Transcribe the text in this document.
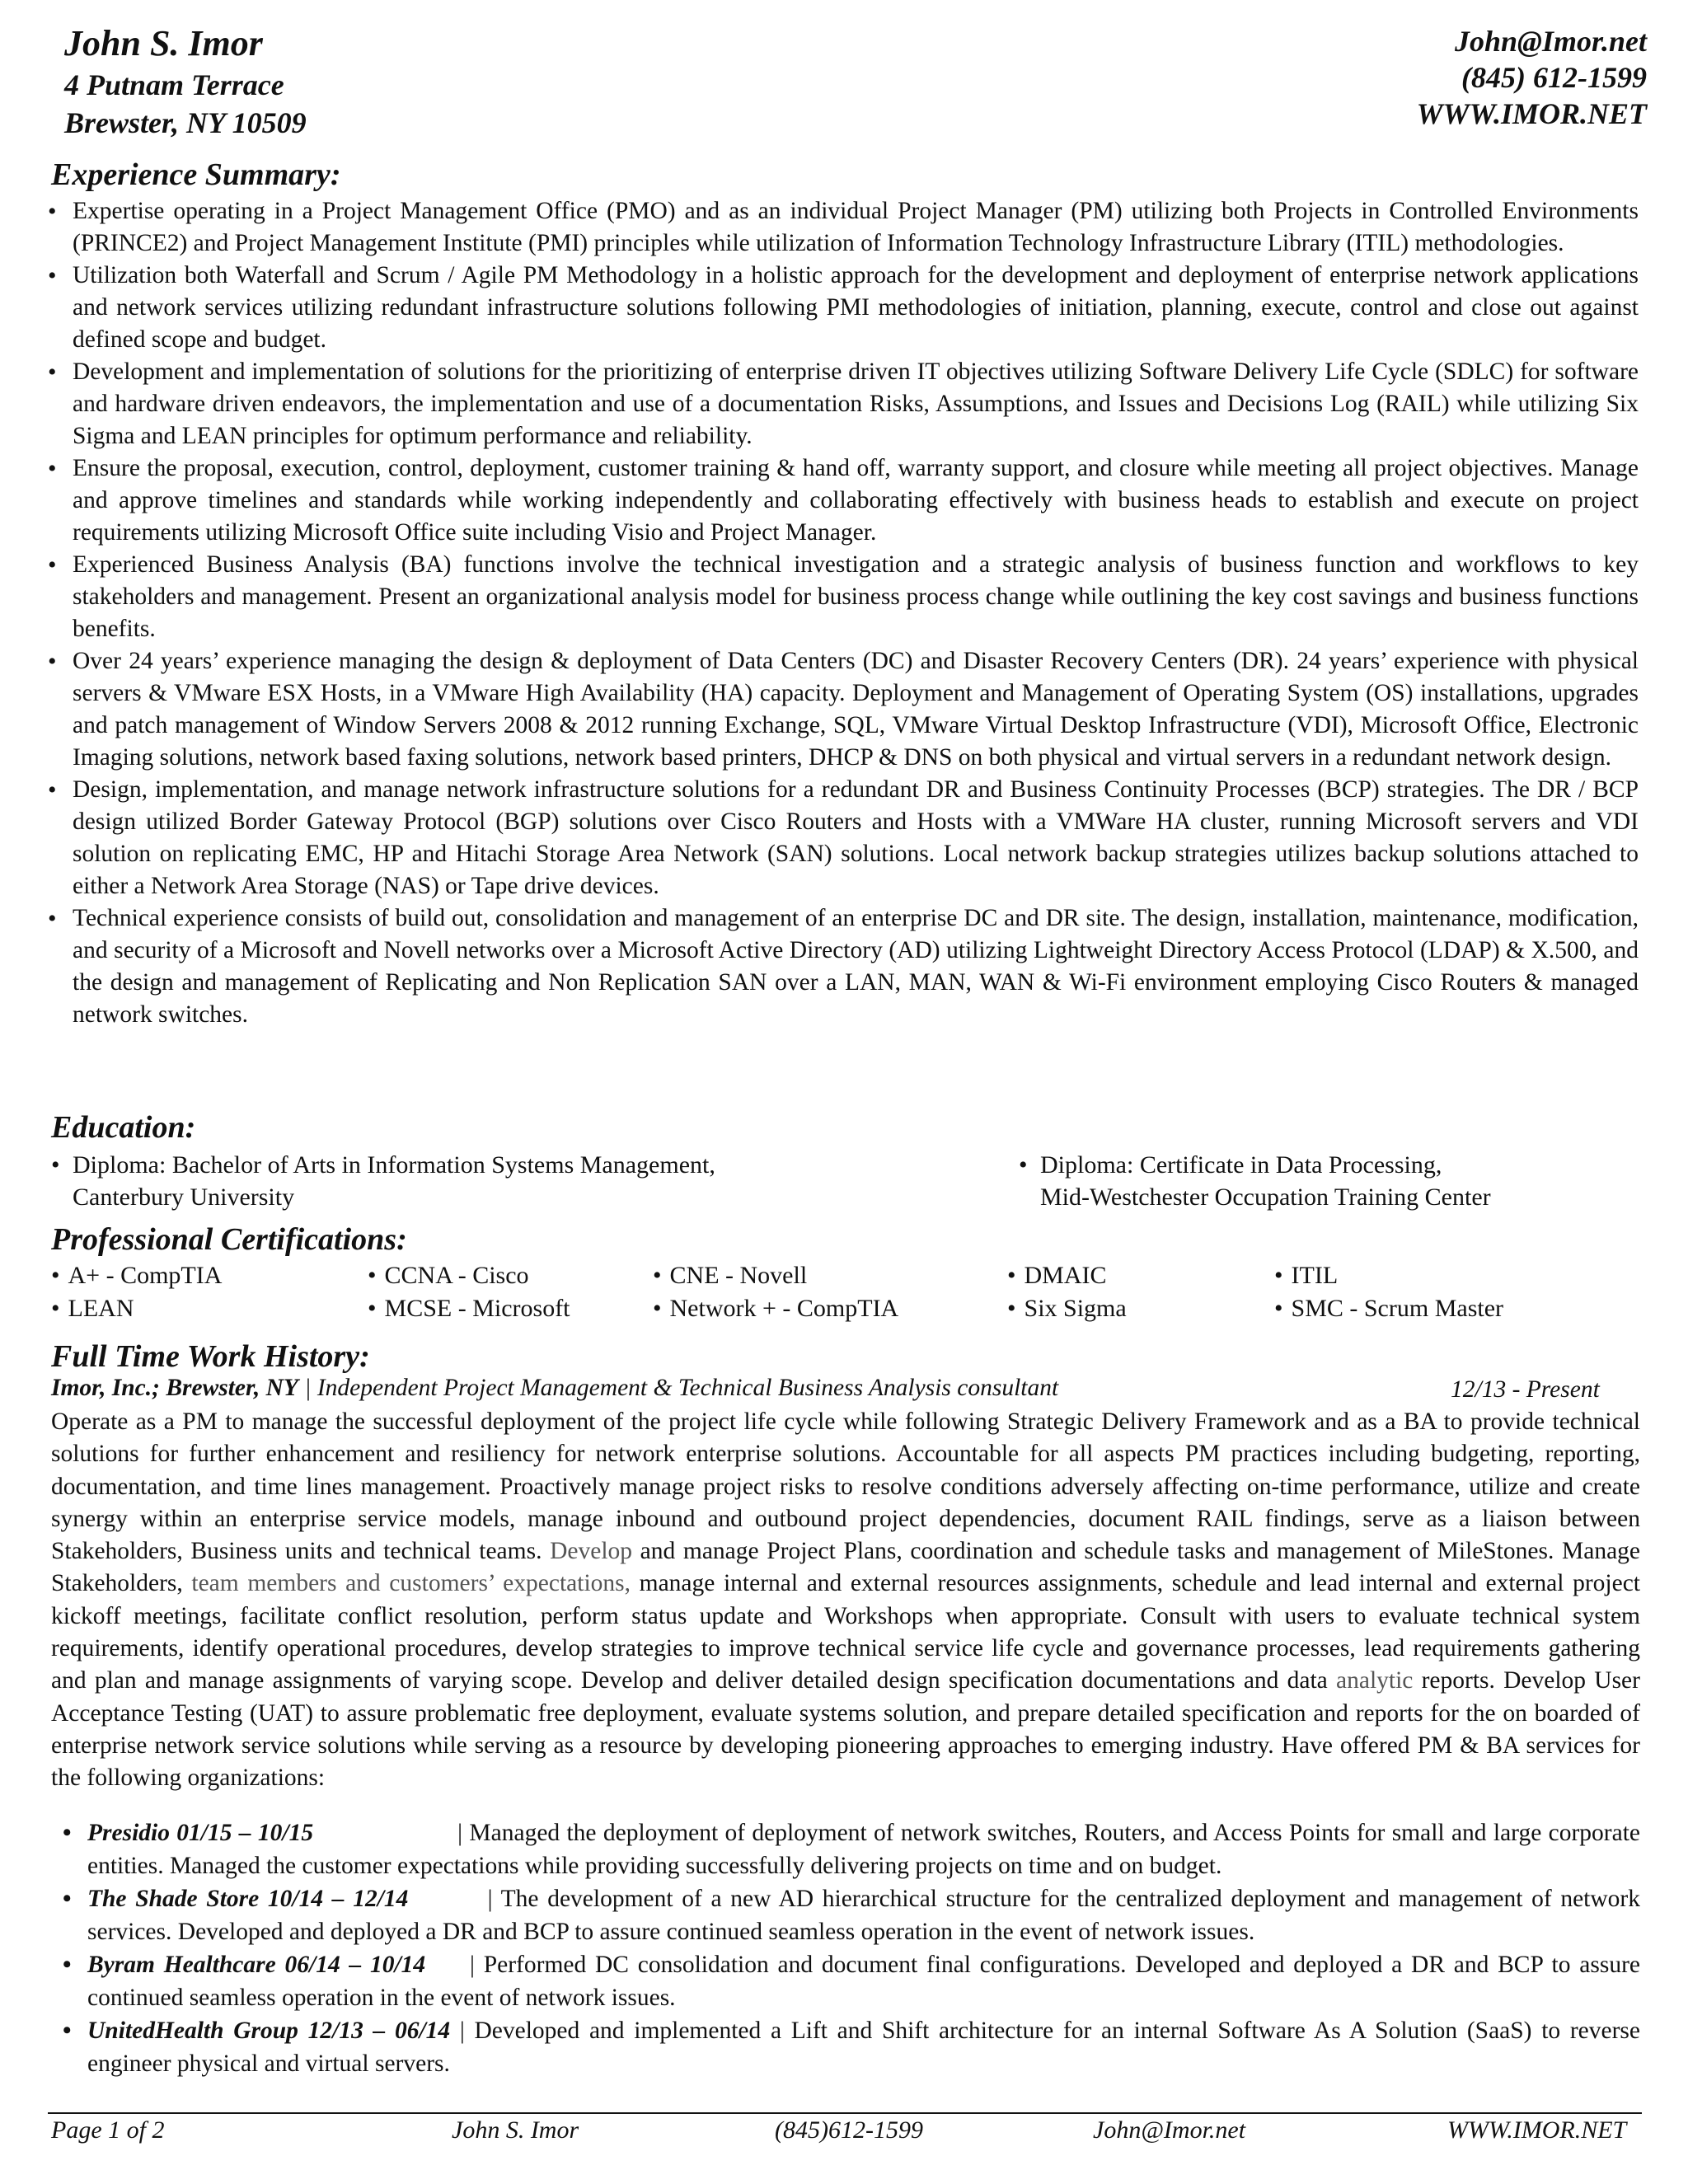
John S. Imor
4 Putnam Terrace
Brewster, NY 10509
John@Imor.net
(845) 612-1599
WWW.IMOR.NET
Experience Summary:
• Expertise operating in a Project Management Office (PMO) and as an individual Project Manager (PM) utilizing both Projects in Controlled Environments (PRINCE2) and Project Management Institute (PMI) principles while utilization of Information Technology Infrastructure Library (ITIL) methodologies.
• Utilization both Waterfall and Scrum / Agile PM Methodology in a holistic approach for the development and deployment of enterprise network applications and network services utilizing redundant infrastructure solutions following PMI methodologies of initiation, planning, execute, control and close out against defined scope and budget.
• Development and implementation of solutions for the prioritizing of enterprise driven IT objectives utilizing Software Delivery Life Cycle (SDLC) for software and hardware driven endeavors, the implementation and use of a documentation Risks, Assumptions, and Issues and Decisions Log (RAIL) while utilizing Six Sigma and LEAN principles for optimum performance and reliability.
• Ensure the proposal, execution, control, deployment, customer training & hand off, warranty support, and closure while meeting all project objectives. Manage and approve timelines and standards while working independently and collaborating effectively with business heads to establish and execute on project requirements utilizing Microsoft Office suite including Visio and Project Manager.
• Experienced Business Analysis (BA) functions involve the technical investigation and a strategic analysis of business function and workflows to key stakeholders and management. Present an organizational analysis model for business process change while outlining the key cost savings and business functions benefits.
• Over 24 years’ experience managing the design & deployment of Data Centers (DC) and Disaster Recovery Centers (DR). 24 years’ experience with physical servers & VMware ESX Hosts, in a VMware High Availability (HA) capacity. Deployment and Management of Operating System (OS) installations, upgrades and patch management of Window Servers 2008 & 2012 running Exchange, SQL, VMware Virtual Desktop Infrastructure (VDI), Microsoft Office, Electronic Imaging solutions, network based faxing solutions, network based printers, DHCP & DNS on both physical and virtual servers in a redundant network design.
• Design, implementation, and manage network infrastructure solutions for a redundant DR and Business Continuity Processes (BCP) strategies. The DR / BCP design utilized Border Gateway Protocol (BGP) solutions over Cisco Routers and Hosts with a VMWare HA cluster, running Microsoft servers and VDI solution on replicating EMC, HP and Hitachi Storage Area Network (SAN) solutions. Local network backup strategies utilizes backup solutions attached to either a Network Area Storage (NAS) or Tape drive devices.
• Technical experience consists of build out, consolidation and management of an enterprise DC and DR site. The design, installation, maintenance, modification, and security of a Microsoft and Novell networks over a Microsoft Active Directory (AD) utilizing Lightweight Directory Access Protocol (LDAP) & X.500, and the design and management of Replicating and Non Replication SAN over a LAN, MAN, WAN & Wi-Fi environment employing Cisco Routers & managed network switches.
Education:
• Diploma: Bachelor of Arts in Information Systems Management,
Canterbury University
• Diploma: Certificate in Data Processing,
Mid-Westchester Occupation Training Center
Professional Certifications:
• A+ - CompTIA	• CCNA - Cisco	• CNE - Novell	• DMAIC	• ITIL
• LEAN	• MCSE - Microsoft	• Network + - CompTIA	• Six Sigma	• SMC - Scrum Master
Full Time Work History:
Imor, Inc.; Brewster, NY | Independent Project Management & Technical Business Analysis consultant	12/13 - Present
Operate as a PM to manage the successful deployment of the project life cycle while following Strategic Delivery Framework and as a BA to provide technical solutions for further enhancement and resiliency for network enterprise solutions. Accountable for all aspects PM practices including budgeting, reporting, documentation, and time lines management. Proactively manage project risks to resolve conditions adversely affecting on-time performance, utilize and create synergy within an enterprise service models, manage inbound and outbound project dependencies, document RAIL findings, serve as a liaison between Stakeholders, Business units and technical teams. Develop and manage Project Plans, coordination and schedule tasks and management of MileStones. Manage Stakeholders, team members and customers’ expectations, manage internal and external resources assignments, schedule and lead internal and external project kickoff meetings, facilitate conflict resolution, perform status update and Workshops when appropriate. Consult with users to evaluate technical system requirements, identify operational procedures, develop strategies to improve technical service life cycle and governance processes, lead requirements gathering and plan and manage assignments of varying scope. Develop and deliver detailed design specification documentations and data analytic reports. Develop User Acceptance Testing (UAT) to assure problematic free deployment, evaluate systems solution, and prepare detailed specification and reports for the on boarded of enterprise network service solutions while serving as a resource by developing pioneering approaches to emerging industry. Have offered PM & BA services for the following organizations:
• Presidio 01/15 – 10/15	| Managed the deployment of deployment of network switches, Routers, and Access Points for small and large corporate entities. Managed the customer expectations while providing successfully delivering projects on time and on budget.
• The Shade Store 10/14 – 12/14	| The development of a new AD hierarchical structure for the centralized deployment and management of network services. Developed and deployed a DR and BCP to assure continued seamless operation in the event of network issues.
• Byram Healthcare 06/14 – 10/14 | Performed DC consolidation and document final configurations. Developed and deployed a DR and BCP to assure continued seamless operation in the event of network issues.
• UnitedHealth Group 12/13 – 06/14 | Developed and implemented a Lift and Shift architecture for an internal Software As A Solution (SaaS) to reverse engineer physical and virtual servers.
Page 1 of 2	John S. Imor	(845)612-1599	John@Imor.net	WWW.IMOR.NET
